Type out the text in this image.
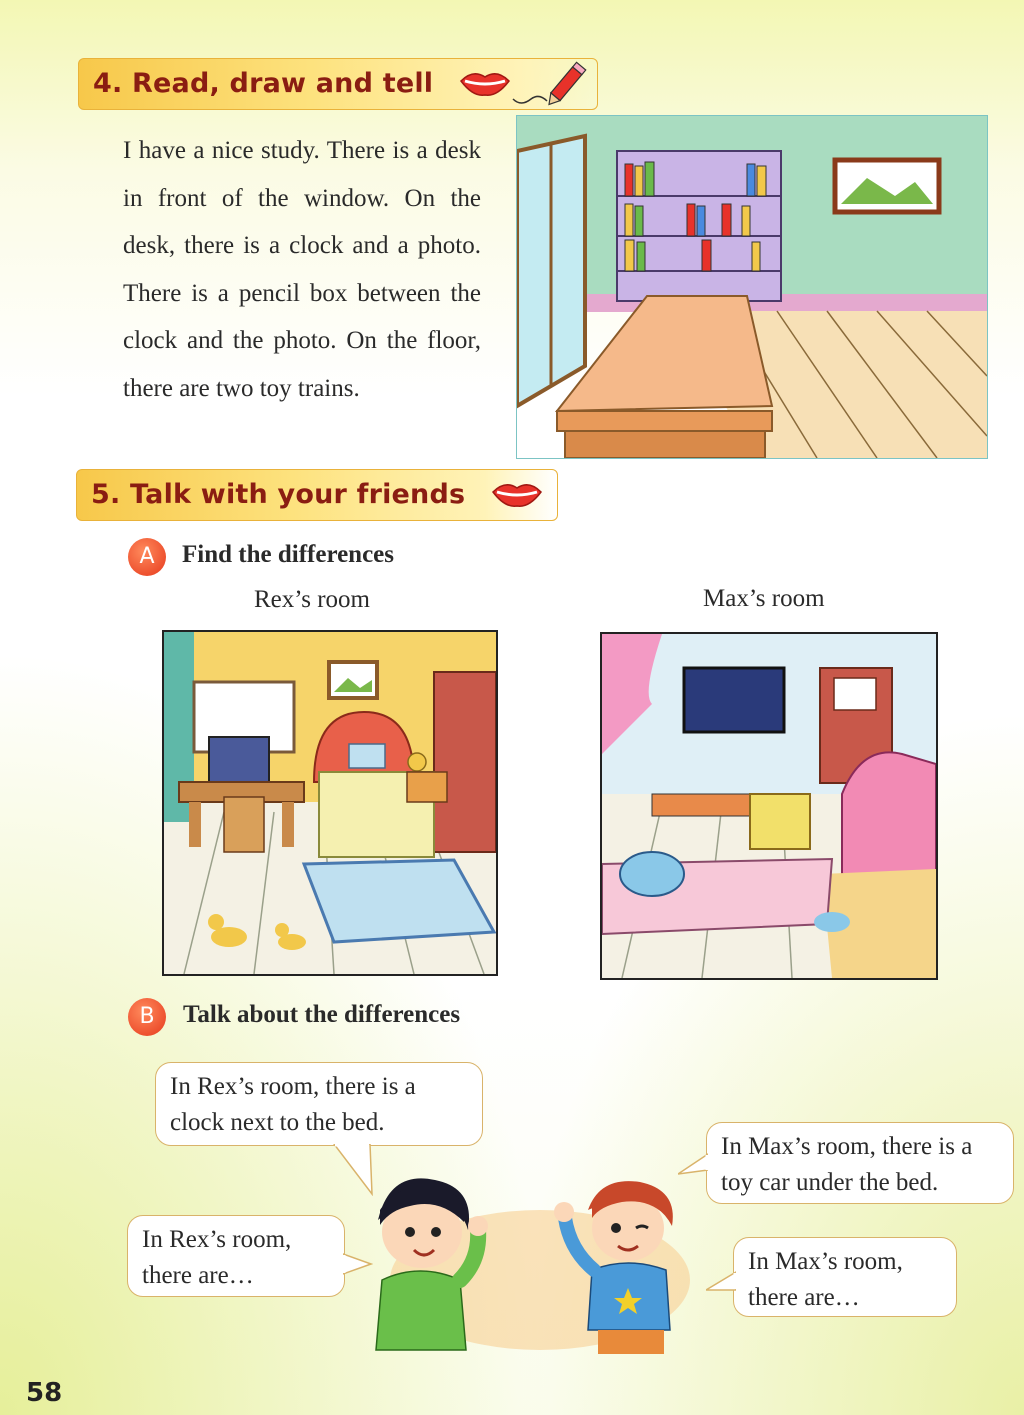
4. Read, draw and tell
I have a nice study. There is a desk in front of the window. On the desk, there is a clock and a photo. There is a pencil box between the clock and the photo. On the floor, there are two toy trains.
5. Talk with your friends
A	Find the differences
Rex’s room	Max’s room
B	Talk about the differences
In Rex’s room, there is a clock next to the bed.
In Rex’s room, there are…
In Max’s room, there is a toy car under the bed.
In Max’s room, there are…
58
